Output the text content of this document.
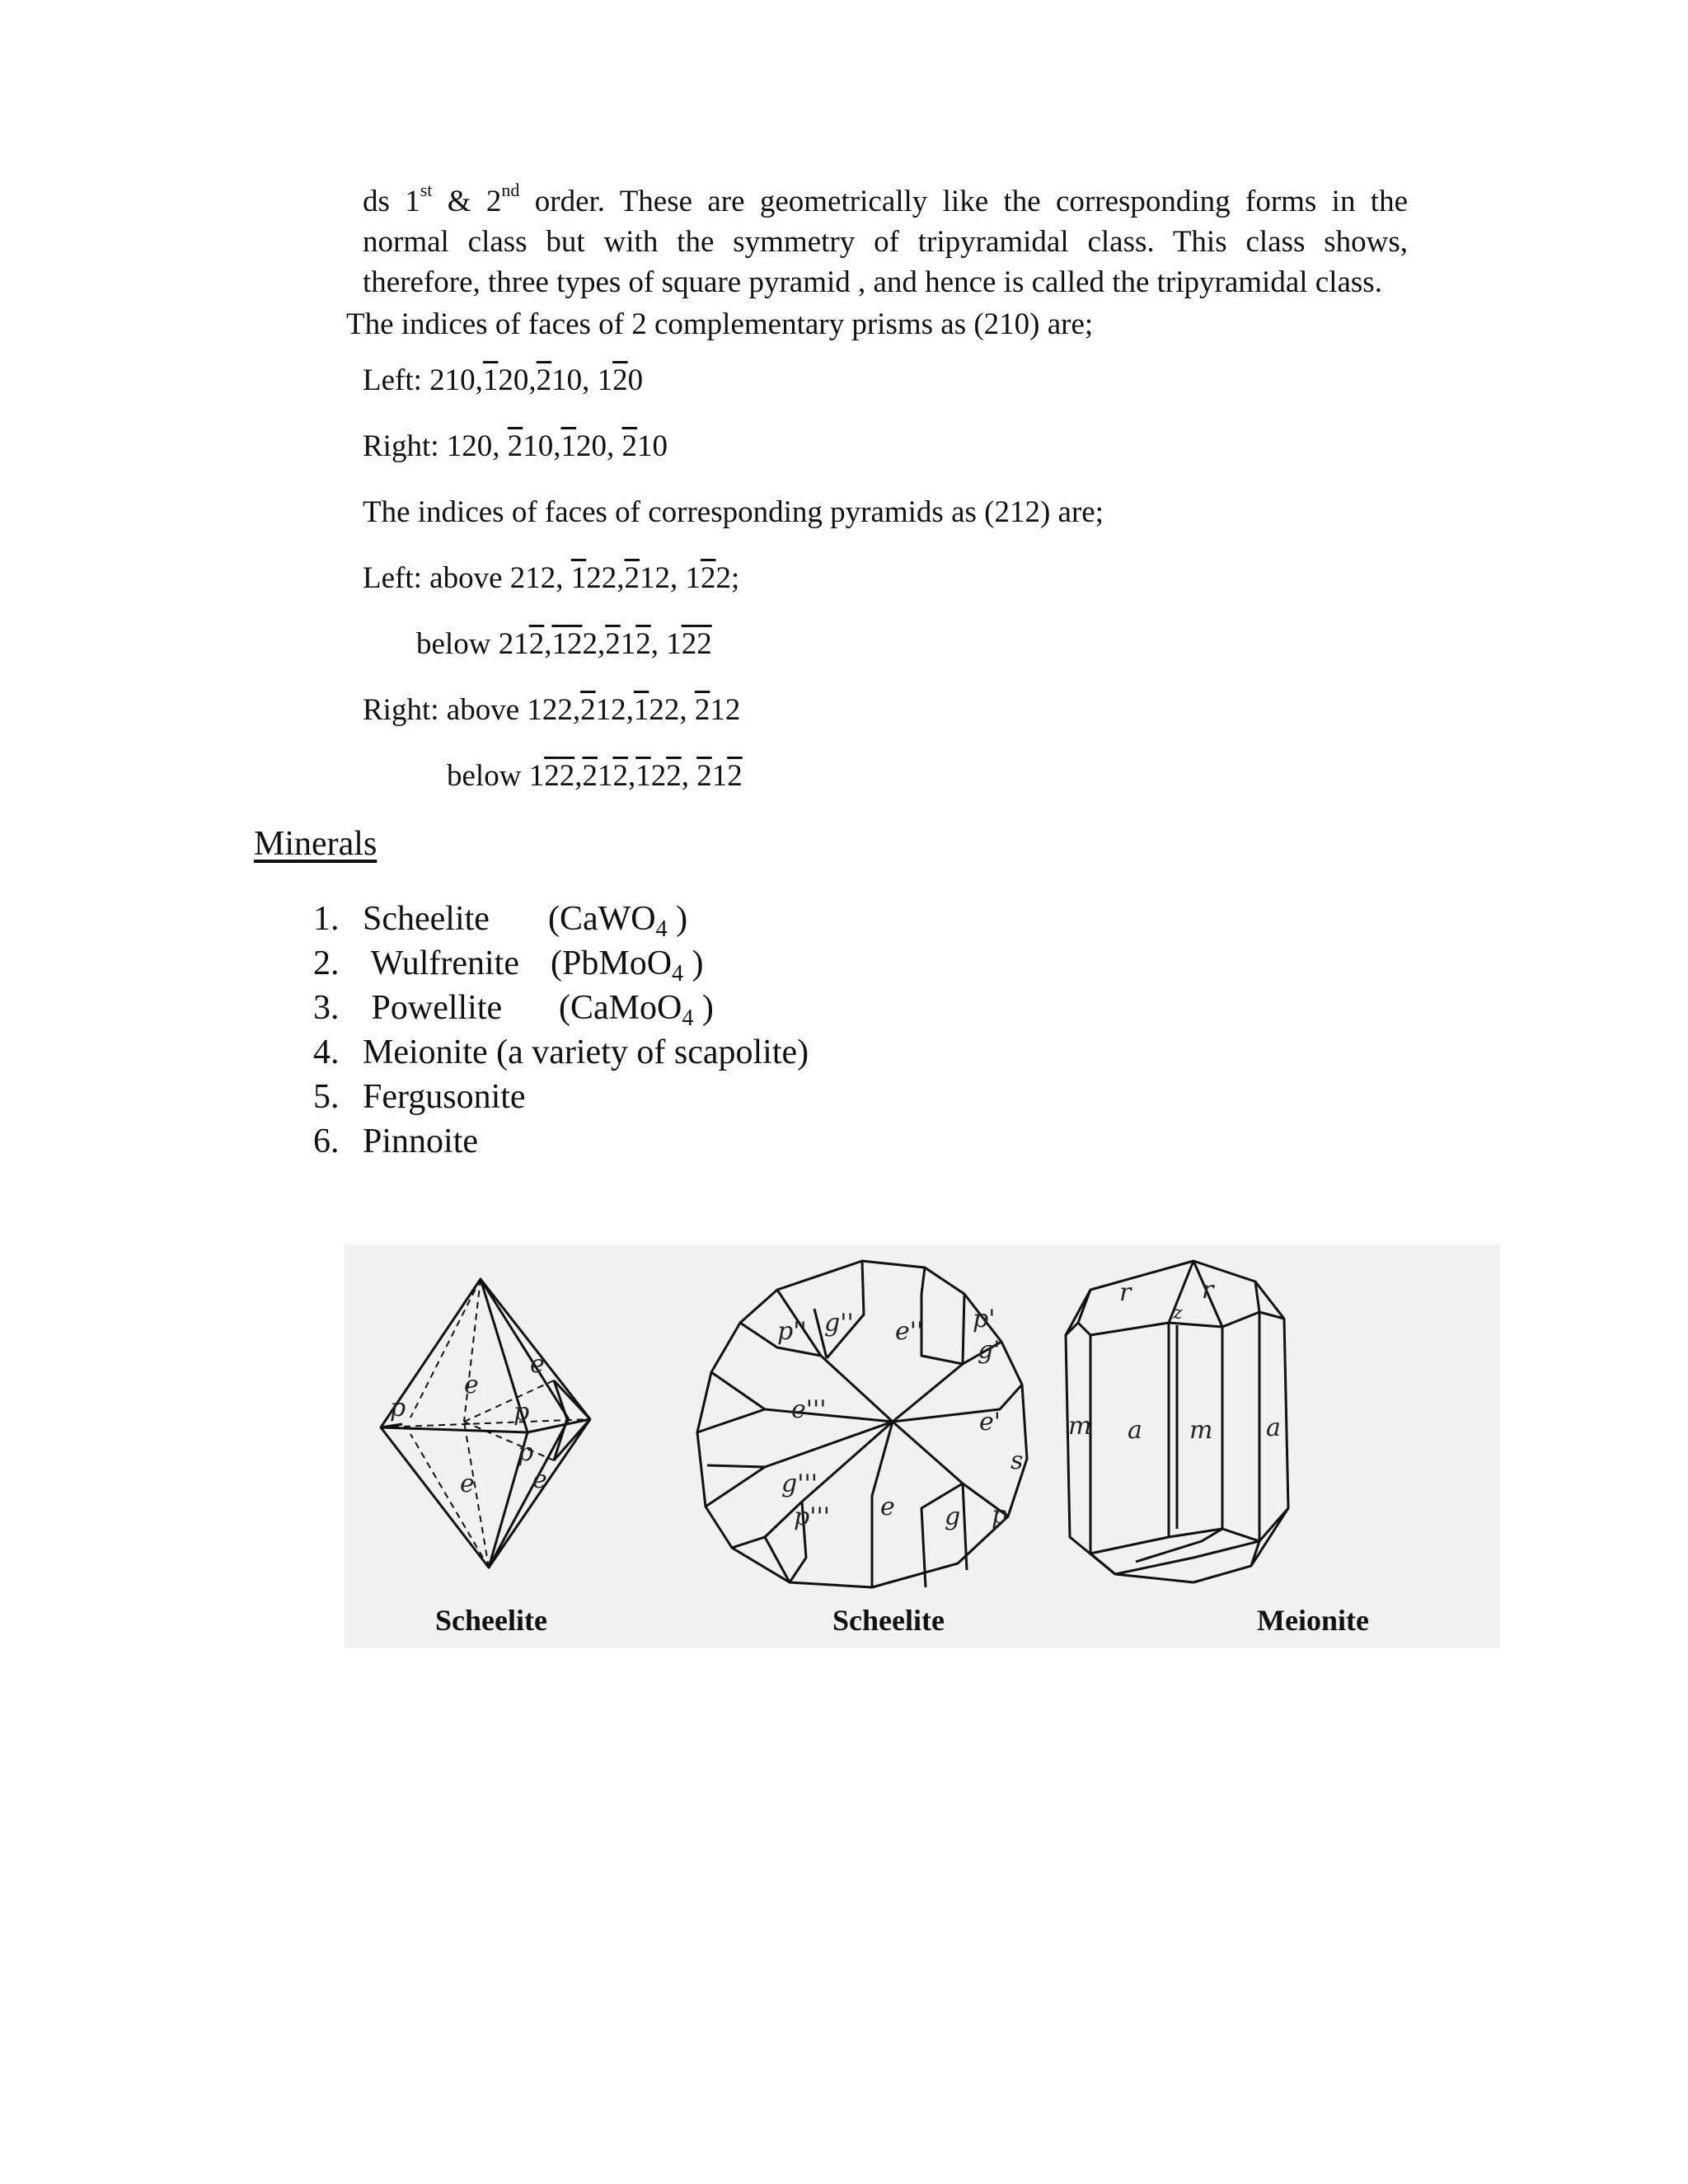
ds 1st & 2nd order. These are geometrically like the corresponding forms in the
normal class but with the symmetry of tripyramidal class. This class shows,
therefore, three types of square pyramid , and hence is called the tripyramidal class.
The indices of faces of 2 complementary prisms as (210) are;
Left: 210,120,210, 120
Right: 120, 210,120, 210
The indices of faces of corresponding pyramids as (212) are;
Left: above 212, 122,212, 122;
below 212,122,212, 122
Right: above 122,212,122, 212
below 122,212,122, 212
Minerals
1. Scheelite	(CaWO$_4$ )
2. Wulfrenite (PbMoO$_4$ )
3. Powellite	(CaMoO$_4$ )
4. Meionite (a variety of scapolite)
5. Fergusonite
6. Pinnoite
p
e
e
p
p
e e
p'' g'' e'' p'
g'
e'''	e'
s
g'''
p''' e g p
r	r
z
m a m a
Scheelite	Scheelite	Meionite
